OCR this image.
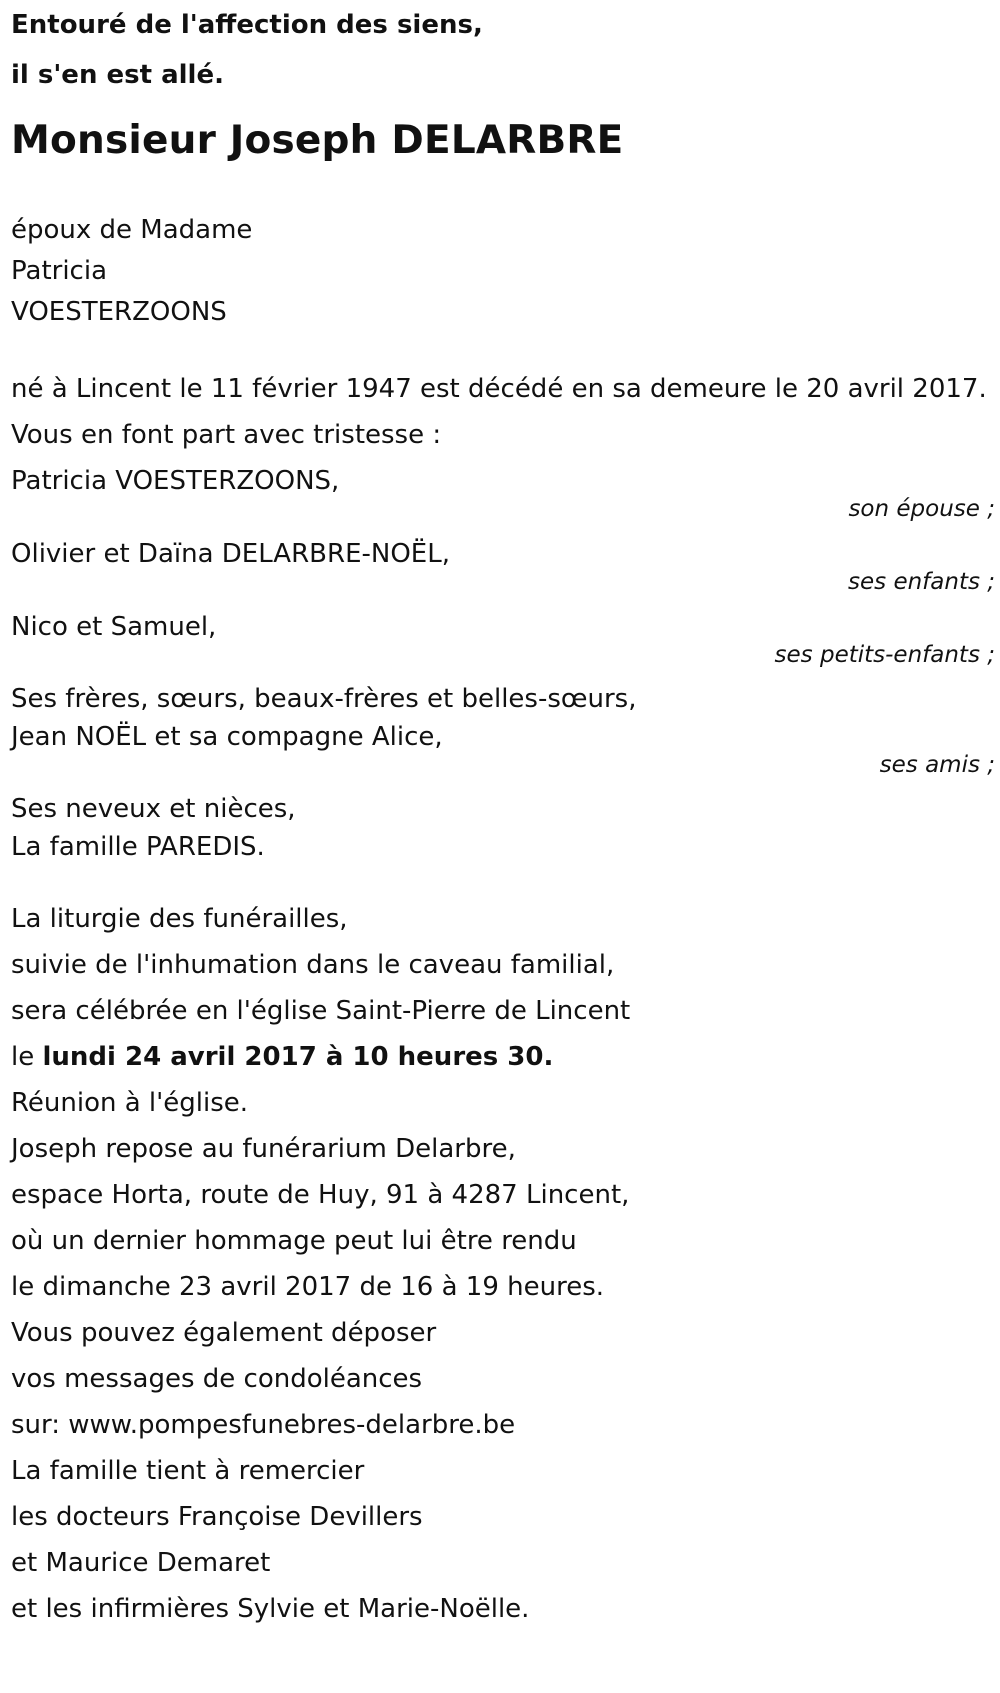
Entouré de l'affection des siens,
il s'en est allé.
Monsieur Joseph DELARBRE
époux de Madame
Patricia
VOESTERZOONS
né à Lincent le 11 février 1947 est décédé en sa demeure le 20 avril 2017.
Vous en font part avec tristesse :
Patricia VOESTERZOONS,
son épouse ;
Olivier et Daïna DELARBRE-NOËL,
ses enfants ;
Nico et Samuel,
ses petits-enfants ;
Ses frères, sœurs, beaux-frères et belles-sœurs,
Jean NOËL et sa compagne Alice,
ses amis ;
Ses neveux et nièces,
La famille PAREDIS.
La liturgie des funérailles,
suivie de l'inhumation dans le caveau familial,
sera célébrée en l'église Saint-Pierre de Lincent
le lundi 24 avril 2017 à 10 heures 30.
Réunion à l'église.
Joseph repose au funérarium Delarbre,
espace Horta, route de Huy, 91 à 4287 Lincent,
où un dernier hommage peut lui être rendu
le dimanche 23 avril 2017 de 16 à 19 heures.
Vous pouvez également déposer
vos messages de condoléances
sur: www.pompesfunebres-delarbre.be
La famille tient à remercier
les docteurs Françoise Devillers
et Maurice Demaret
et les infirmières Sylvie et Marie-Noëlle.
